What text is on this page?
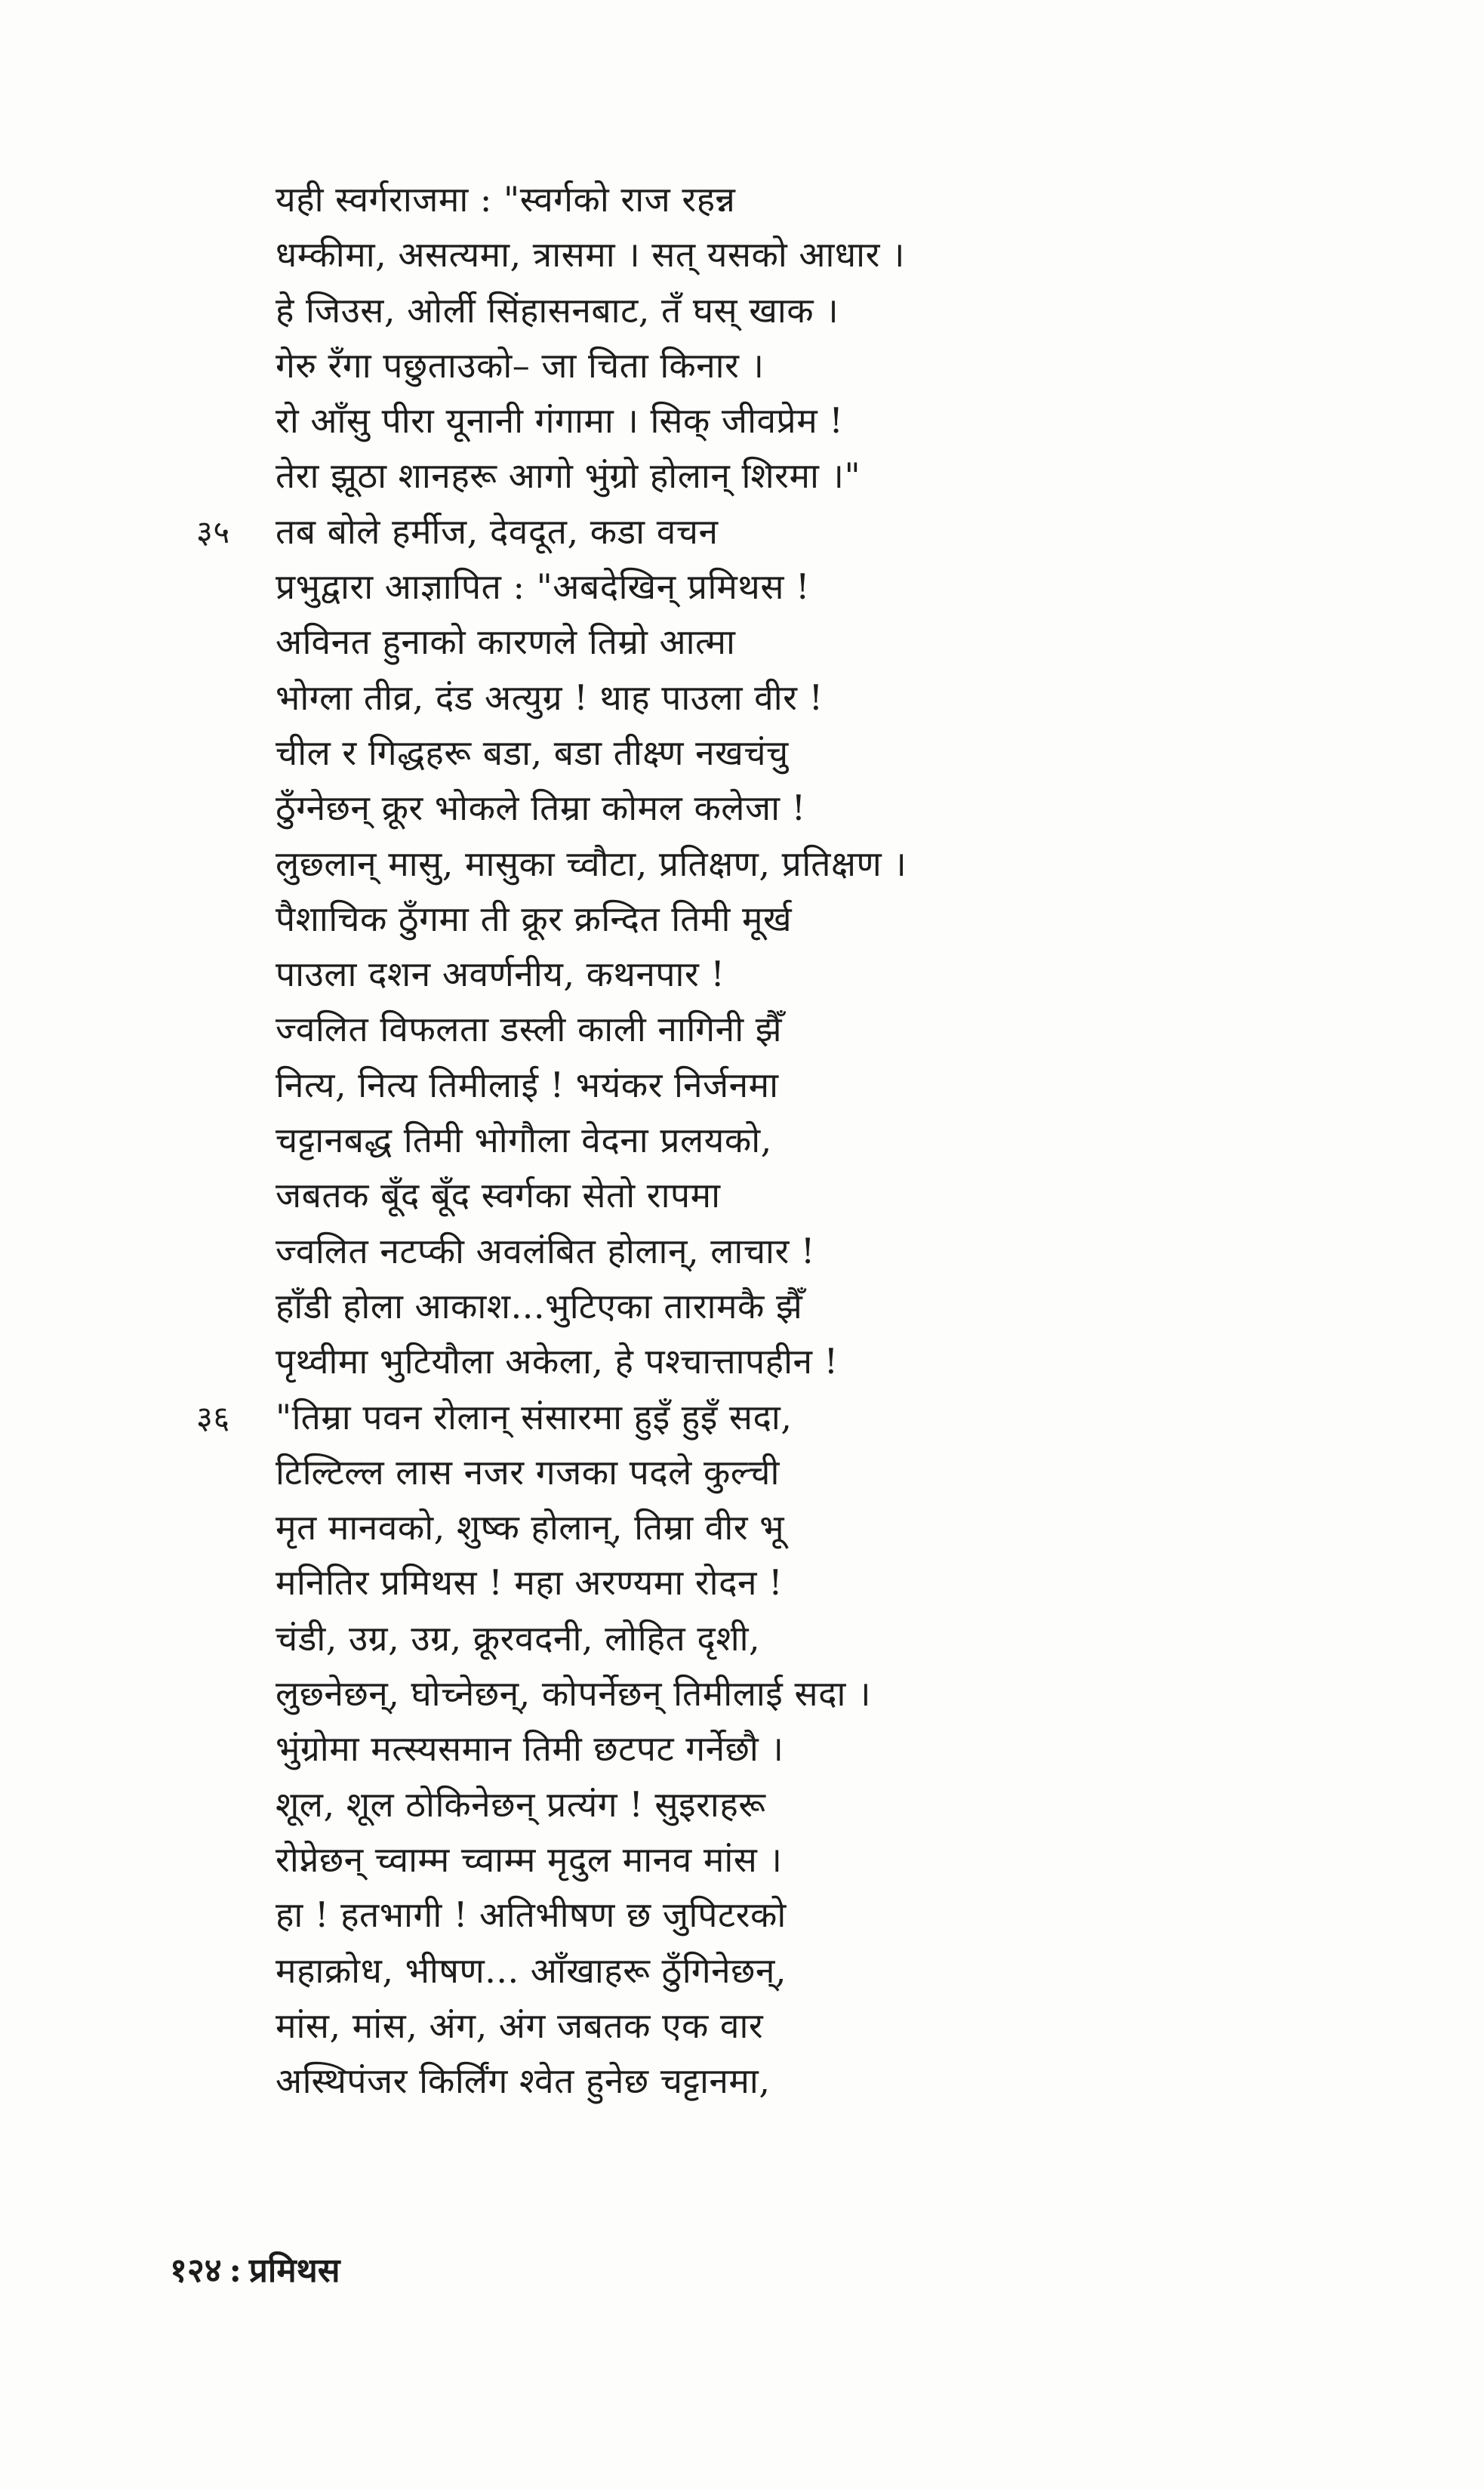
यही स्वर्गराजमा : "स्वर्गको राज रहन्न
धम्कीमा, असत्यमा, त्रासमा । सत् यसको आधार ।
हे जिउस, ओर्ली सिंहासनबाट, तँ घस् खाक ।
गेरु रँगा पछुताउको– जा चिता किनार ।
रो आँसु पीरा यूनानी गंगामा । सिक् जीवप्रेम !
तेरा झूठा शानहरू आगो भुंग्रो होलान् शिरमा ।"
३५ तब बोले हर्मीज, देवदूत, कडा वचन
प्रभुद्वारा आज्ञापित : "अबदेखिन् प्रमिथस !
अविनत हुनाको कारणले तिम्रो आत्मा
भोग्ला तीव्र, दंड अत्युग्र ! थाह पाउला वीर !
चील र गिद्धहरू बडा, बडा तीक्ष्ण नखचंचु
ठुँग्नेछन् क्रूर भोकले तिम्रा कोमल कलेजा !
लुछ्लान् मासु, मासुका च्वौटा, प्रतिक्षण, प्रतिक्षण ।
पैशाचिक ठुँगमा ती क्रूर क्रन्दित तिमी मूर्ख
पाउला दशन अवर्णनीय, कथनपार !
ज्वलित विफलता डस्ली काली नागिनी झैँ
नित्य, नित्य तिमीलाई ! भयंकर निर्जनमा
चट्टानबद्ध तिमी भोगौला वेदना प्रलयको,
जबतक बूँद बूँद स्वर्गका सेतो रापमा
ज्वलित नटप्की अवलंबित होलान्, लाचार !
हाँडी होला आकाश...भुटिएका तारामकै झैँ
पृथ्वीमा भुटियौला अकेला, हे पश्चात्तापहीन !
३६ "तिम्रा पवन रोलान् संसारमा हुइँ हुइँ सदा,
टिल्टिल्ल लास नजर गजका पदले कुल्ची
मृत मानवको, शुष्क होलान्, तिम्रा वीर भू
मनितिर प्रमिथस ! महा अरण्यमा रोदन !
चंडी, उग्र, उग्र, क्रूरवदनी, लोहित दृशी,
लुछ्नेछन्, घोच्नेछन्, कोपर्नेछन् तिमीलाई सदा ।
भुंग्रोमा मत्स्यसमान तिमी छटपट गर्नेछौ ।
शूल, शूल ठोकिनेछन् प्रत्यंग ! सुइराहरू
रोप्नेछन् च्वाम्म च्वाम्म मृदुल मानव मांस ।
हा ! हतभागी ! अतिभीषण छ जुपिटरको
महाक्रोध, भीषण... आँखाहरू ठुँगिनेछन्,
मांस, मांस, अंग, अंग जबतक एक वार
अस्थिपंजर किर्लिंग श्वेत हुनेछ चट्टानमा,
१२४ : प्रमिथस
